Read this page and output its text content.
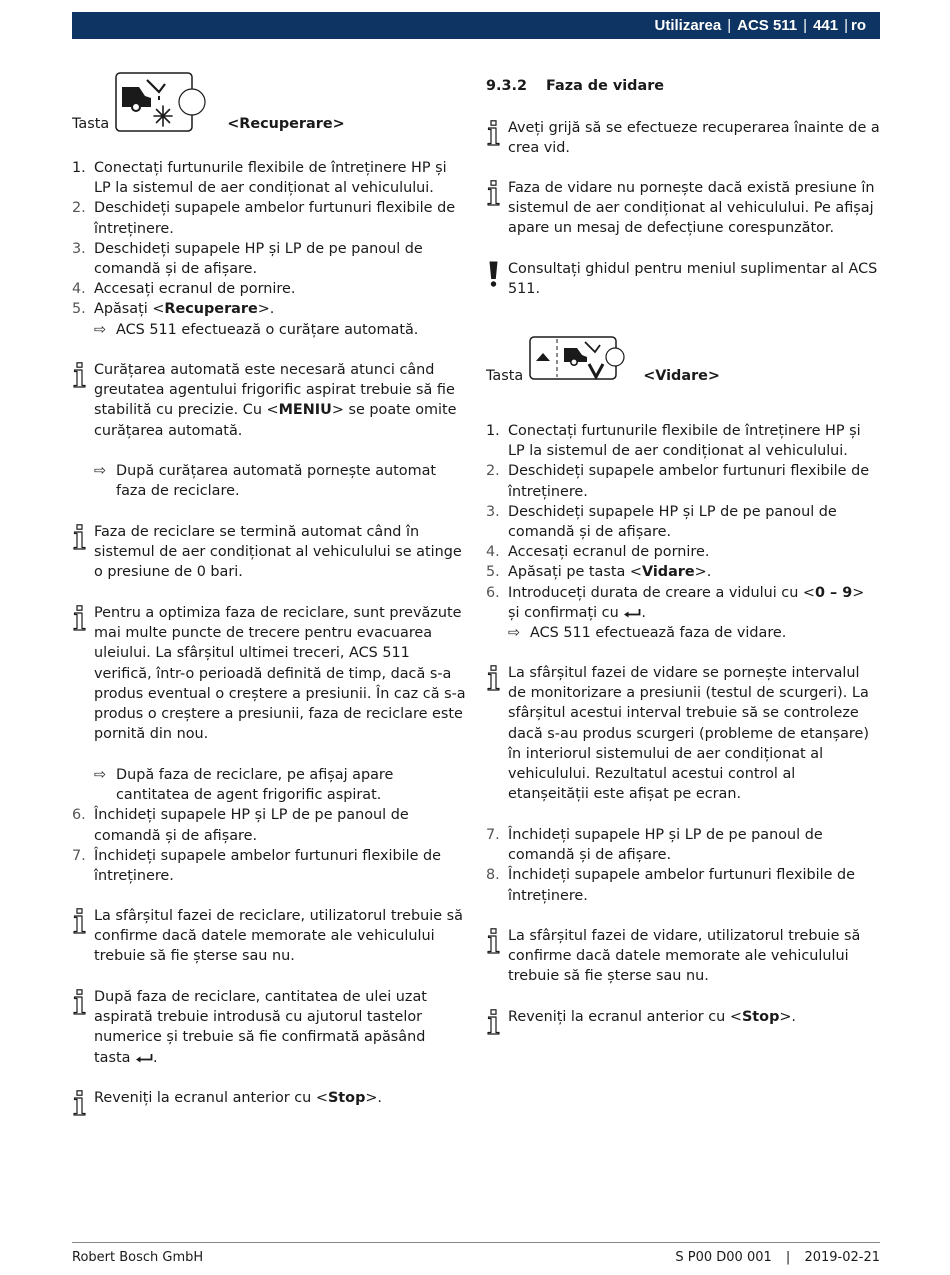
Utilizarea | ACS 511 | 441 | ro
Tasta	<Recuperare>
1. Conectați furtunurile flexibile de întreținere HP și LP la sistemul de aer condiționat al vehiculului.
2. Deschideți supapele ambelor furtunuri flexibile de întreținere.
3. Deschideți supapele HP și LP de pe panoul de comandă și de afișare.
4. Accesați ecranul de pornire.
5. Apăsați <Recuperare>.
⇨ ACS 511 efectuează o curățare automată.
Curățarea automată este necesară atunci când greutatea agentului frigorific aspirat trebuie să fie stabilită cu precizie. Cu <MENIU> se poate omite curățarea automată.
⇨ După curățarea automată pornește automat faza de reciclare.
Faza de reciclare se termină automat când în sistemul de aer condiționat al vehiculului se atinge o presiune de 0 bari.
Pentru a optimiza faza de reciclare, sunt prevăzute mai multe puncte de trecere pentru evacuarea uleiului. La sfârșitul ultimei treceri, ACS 511 verifică, într-o perioadă definită de timp, dacă s-a produs eventual o creștere a presiunii. În caz că s-a produs o creștere a presiunii, faza de reciclare este pornită din nou.
⇨ După faza de reciclare, pe afișaj apare cantitatea de agent frigorific aspirat.
6. Închideți supapele HP și LP de pe panoul de comandă și de afișare.
7. Închideți supapele ambelor furtunuri flexibile de întreținere.
La sfârșitul fazei de reciclare, utilizatorul trebuie să confirme dacă datele memorate ale vehiculului trebuie să fie șterse sau nu.
După faza de reciclare, cantitatea de ulei uzat aspirată trebuie introdusă cu ajutorul tastelor numerice și trebuie să fie confirmată apăsând tasta .
Reveniți la ecranul anterior cu <Stop>.
9.3.2 Faza de vidare
Aveți grijă să se efectueze recuperarea înainte de a crea vid.
Faza de vidare nu pornește dacă există presiune în sistemul de aer condiționat al vehiculului. Pe afișaj apare un mesaj de defecțiune corespunzător.
Consultați ghidul pentru meniul suplimentar al ACS 511.
Tasta	<Vidare>
1. Conectați furtunurile flexibile de întreținere HP și LP la sistemul de aer condiționat al vehiculului.
2. Deschideți supapele ambelor furtunuri flexibile de întreținere.
3. Deschideți supapele HP și LP de pe panoul de comandă și de afișare.
4. Accesați ecranul de pornire.
5. Apăsați pe tasta <Vidare>.
6. Introduceți durata de creare a vidului cu <0 – 9> și confirmați cu .
⇨ ACS 511 efectuează faza de vidare.
La sfârșitul fazei de vidare se pornește intervalul de monitorizare a presiunii (testul de scurgeri). La sfârșitul acestui interval trebuie să se controleze dacă s-au produs scurgeri (probleme de etanșare) în interiorul sistemului de aer condiționat al vehiculului. Rezultatul acestui control al etanșeității este afișat pe ecran.
7. Închideți supapele HP și LP de pe panoul de comandă și de afișare.
8. Închideți supapele ambelor furtunuri flexibile de întreținere.
La sfârșitul fazei de vidare, utilizatorul trebuie să confirme dacă datele memorate ale vehiculului trebuie să fie șterse sau nu.
Reveniți la ecranul anterior cu <Stop>.
Robert Bosch GmbH	S P00 D00 001 | 2019-02-21
